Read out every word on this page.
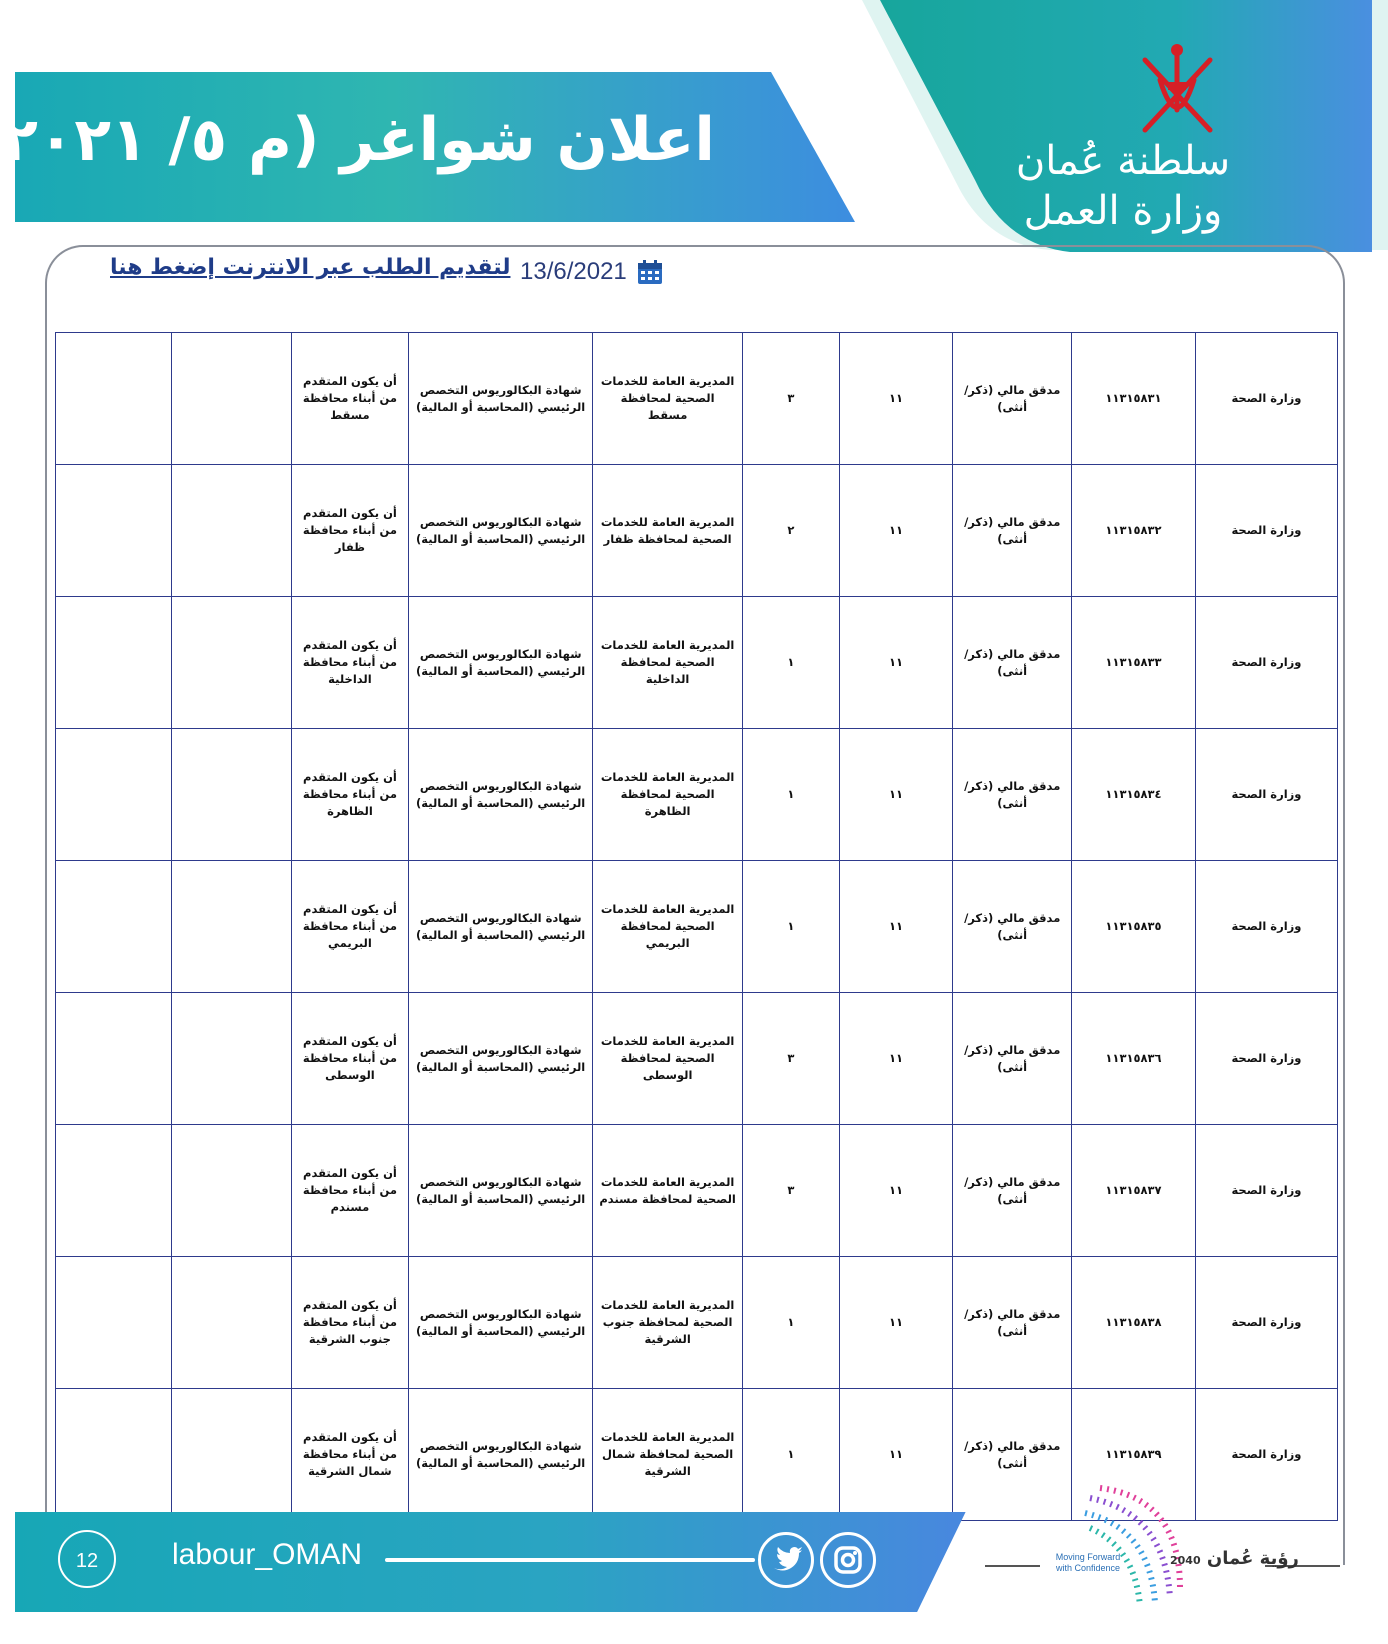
اعلان شواغر (م ٥/ ٢٠٢١	سلطنة عُمان
وزارة العمل
لتقديم الطلب عبر الانترنت إضغط هنا 13/6/2021
وزارة الصحة	١١٣١٥٨٣١	مدقق مالي (ذكر/أنثى)	١١	٣	المديرية العامة للخدمات الصحية لمحافظة مسقط	شهادة البكالوريوس التخصص الرئيسي (المحاسبة أو المالية)	أن يكون المتقدم من أبناء محافظة مسقط		
وزارة الصحة	١١٣١٥٨٣٢	مدقق مالي (ذكر/أنثى)	١١	٢	المديرية العامة للخدمات الصحية لمحافظة ظفار	شهادة البكالوريوس التخصص الرئيسي (المحاسبة أو المالية)	أن يكون المتقدم من أبناء محافظة ظفار		
وزارة الصحة	١١٣١٥٨٣٣	مدقق مالي (ذكر/أنثى)	١١	١	المديرية العامة للخدمات الصحية لمحافظة الداخلية	شهادة البكالوريوس التخصص الرئيسي (المحاسبة أو المالية)	أن يكون المتقدم من أبناء محافظة الداخلية		
وزارة الصحة	١١٣١٥٨٣٤	مدقق مالي (ذكر/أنثى)	١١	١	المديرية العامة للخدمات الصحية لمحافظة الظاهرة	شهادة البكالوريوس التخصص الرئيسي (المحاسبة أو المالية)	أن يكون المتقدم من أبناء محافظة الظاهرة		
وزارة الصحة	١١٣١٥٨٣٥	مدقق مالي (ذكر/أنثى)	١١	١	المديرية العامة للخدمات الصحية لمحافظة البريمي	شهادة البكالوريوس التخصص الرئيسي (المحاسبة أو المالية)	أن يكون المتقدم من أبناء محافظة البريمي		
وزارة الصحة	١١٣١٥٨٣٦	مدقق مالي (ذكر/أنثى)	١١	٣	المديرية العامة للخدمات الصحية لمحافظة الوسطى	شهادة البكالوريوس التخصص الرئيسي (المحاسبة أو المالية)	أن يكون المتقدم من أبناء محافظة الوسطى		
وزارة الصحة	١١٣١٥٨٣٧	مدقق مالي (ذكر/أنثى)	١١	٣	المديرية العامة للخدمات الصحية لمحافظة مسندم	شهادة البكالوريوس التخصص الرئيسي (المحاسبة أو المالية)	أن يكون المتقدم من أبناء محافظة مسندم		
وزارة الصحة	١١٣١٥٨٣٨	مدقق مالي (ذكر/أنثى)	١١	١	المديرية العامة للخدمات الصحية لمحافظة جنوب الشرقية	شهادة البكالوريوس التخصص الرئيسي (المحاسبة أو المالية)	أن يكون المتقدم من أبناء محافظة جنوب الشرقية		
وزارة الصحة	١١٣١٥٨٣٩	مدقق مالي (ذكر/أنثى)	١١	١	المديرية العامة للخدمات الصحية لمحافظة شمال الشرقية	شهادة البكالوريوس التخصص الرئيسي (المحاسبة أو المالية)	أن يكون المتقدم من أبناء محافظة شمال الشرقية		
12	labour_OMAN	Moving Forward with Confidence	رؤية عُمان 2040
